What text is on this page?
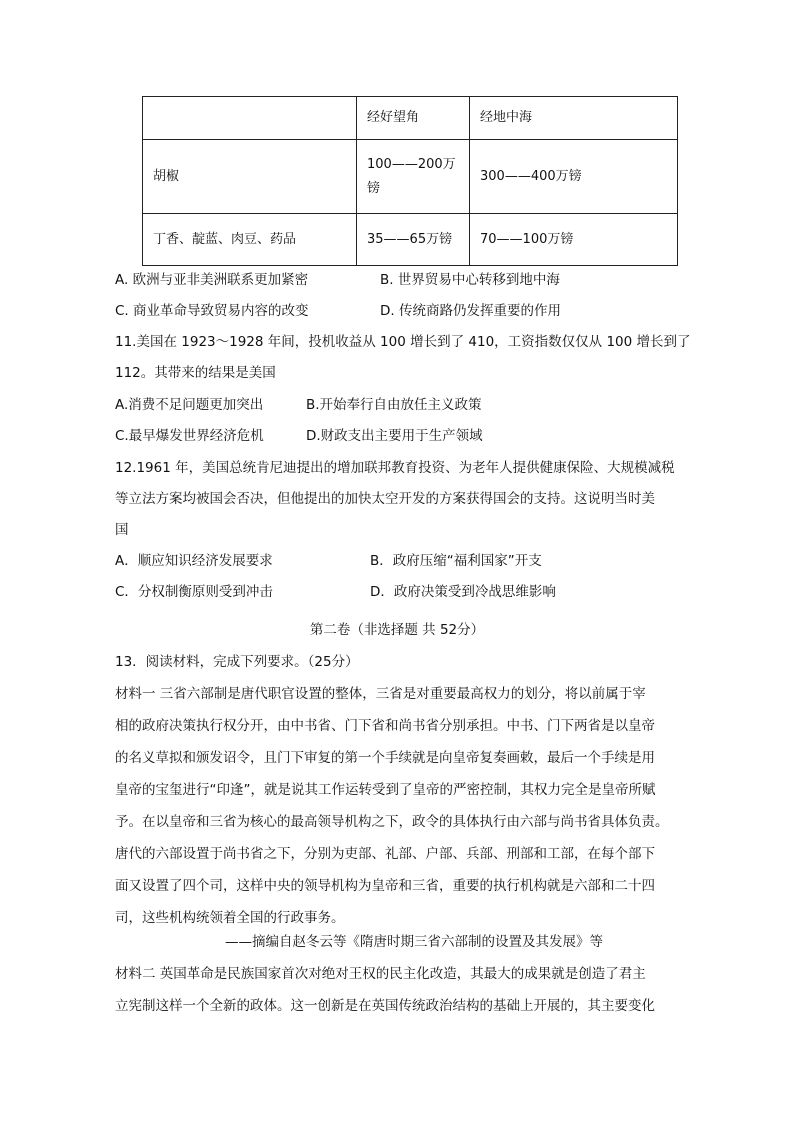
	经好望角	经地中海
胡椒	100——200万镑	300——400万镑
丁香、靛蓝、肉豆、药品	35——65万镑	70——100万镑
A. 欧洲与亚非美洲联系更加紧密	B. 世界贸易中心转移到地中海
C. 商业革命导致贸易内容的改变	D. 传统商路仍发挥重要的作用
11.美国在 1923～1928 年间，投机收益从 100 增长到了 410，工资指数仅仅从 100 增长到了
112。其带来的结果是美国
A.消费不足问题更加突出	B.开始奉行自由放任主义政策
C.最早爆发世界经济危机	D.财政支出主要用于生产领域
12.1961 年，美国总统肯尼迪提出的增加联邦教育投资、为老年人提供健康保险、大规模减税
等立法方案均被国会否决，但他提出的加快太空开发的方案获得国会的支持。这说明当时美
国
A．顺应知识经济发展要求	B．政府压缩“福利国家”开支
C．分权制衡原则受到冲击	D．政府决策受到冷战思维影响
第二卷（非选择题 共 52分）
13．阅读材料，完成下列要求。（25分）
材料一 三省六部制是唐代职官设置的整体，三省是对重要最高权力的划分，将以前属于宰
相的政府决策执行权分开，由中书省、门下省和尚书省分别承担。中书、门下两省是以皇帝
的名义草拟和颁发诏令，且门下审复的第一个手续就是向皇帝复奏画敕，最后一个手续是用
皇帝的宝玺进行“印逢”，就是说其工作运转受到了皇帝的严密控制，其权力完全是皇帝所赋
予。在以皇帝和三省为核心的最高领导机构之下，政令的具体执行由六部与尚书省具体负责。
唐代的六部设置于尚书省之下，分别为吏部、礼部、户部、兵部、刑部和工部，在每个部下
面又设置了四个司，这样中央的领导机构为皇帝和三省，重要的执行机构就是六部和二十四
司，这些机构统领着全国的行政事务。
——摘编自赵冬云等《隋唐时期三省六部制的设置及其发展》等
材料二 英国革命是民族国家首次对绝对王权的民主化改造，其最大的成果就是创造了君主
立宪制这样一个全新的政体。这一创新是在英国传统政治结构的基础上开展的，其主要变化
